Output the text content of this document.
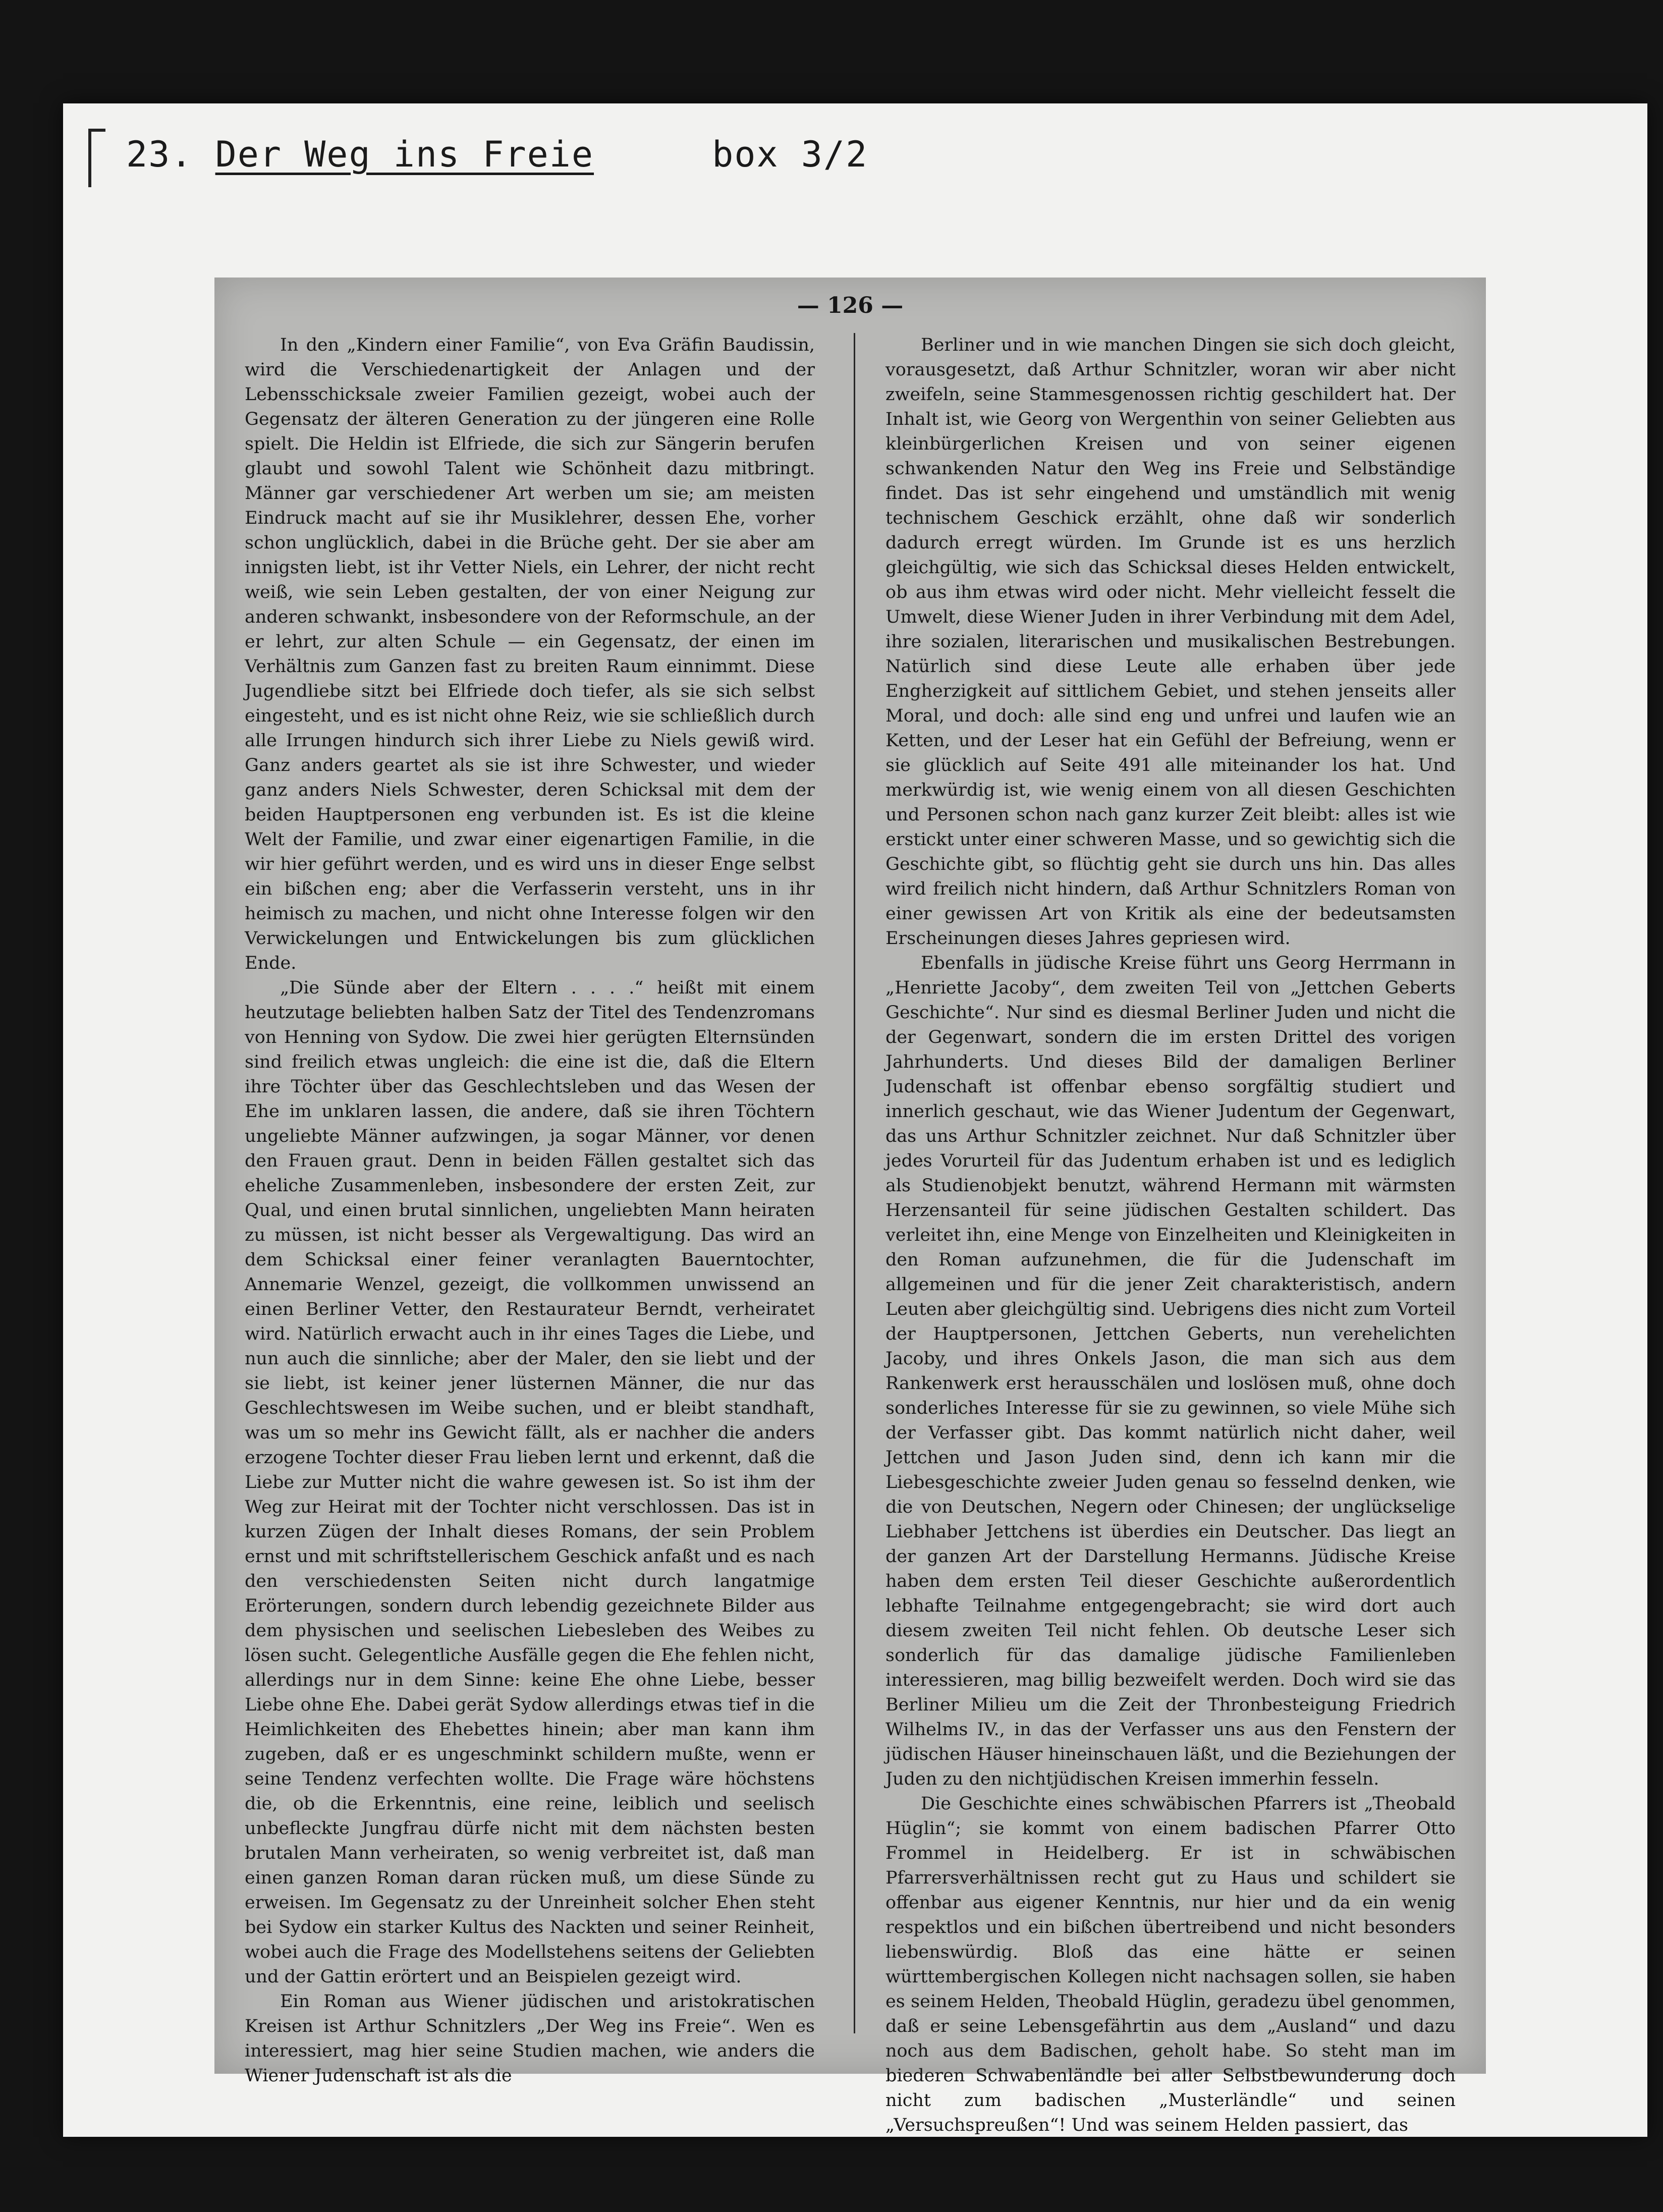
23. Der Weg ins Freie	box 3/2
— 126 —

In den „Kindern einer Familie“, von Eva Gräfin Baudissin, wird die Verschiedenartigkeit der Anlagen und der Lebensschicksale zweier Familien gezeigt, wobei auch der Gegensatz der älteren Generation zu der jüngeren eine Rolle spielt. Die Heldin ist Elfriede, die sich zur Sängerin berufen glaubt und sowohl Talent wie Schönheit dazu mitbringt. Männer gar verschiedener Art werben um sie; am meisten Eindruck macht auf sie ihr Musiklehrer, dessen Ehe, vorher schon unglücklich, dabei in die Brüche geht. Der sie aber am innigsten liebt, ist ihr Vetter Niels, ein Lehrer, der nicht recht weiß, wie sein Leben gestalten, der von einer Neigung zur anderen schwankt, insbesondere von der Reformschule, an der er lehrt, zur alten Schule — ein Gegensatz, der einen im Verhältnis zum Ganzen fast zu breiten Raum einnimmt. Diese Jugendliebe sitzt bei Elfriede doch tiefer, als sie sich selbst eingesteht, und es ist nicht ohne Reiz, wie sie schließlich durch alle Irrungen hindurch sich ihrer Liebe zu Niels gewiß wird. Ganz anders geartet als sie ist ihre Schwester, und wieder ganz anders Niels Schwester, deren Schicksal mit dem der beiden Hauptpersonen eng verbunden ist. Es ist die kleine Welt der Familie, und zwar einer eigenartigen Familie, in die wir hier geführt werden, und es wird uns in dieser Enge selbst ein bißchen eng; aber die Verfasserin versteht, uns in ihr heimisch zu machen, und nicht ohne Interesse folgen wir den Verwickelungen und Entwickelungen bis zum glücklichen Ende.

„Die Sünde aber der Eltern . . . .“ heißt mit einem heutzutage beliebten halben Satz der Titel des Tendenzromans von Henning von Sydow. Die zwei hier gerügten Elternsünden sind freilich etwas ungleich: die eine ist die, daß die Eltern ihre Töchter über das Geschlechtsleben und das Wesen der Ehe im unklaren lassen, die andere, daß sie ihren Töchtern ungeliebte Männer aufzwingen, ja sogar Männer, vor denen den Frauen graut. Denn in beiden Fällen gestaltet sich das eheliche Zusammenleben, insbesondere der ersten Zeit, zur Qual, und einen brutal sinnlichen, ungeliebten Mann heiraten zu müssen, ist nicht besser als Vergewaltigung. Das wird an dem Schicksal einer feiner veranlagten Bauerntochter, Annemarie Wenzel, gezeigt, die vollkommen unwissend an einen Berliner Vetter, den Restaurateur Berndt, verheiratet wird. Natürlich erwacht auch in ihr eines Tages die Liebe, und nun auch die sinnliche; aber der Maler, den sie liebt und der sie liebt, ist keiner jener lüsternen Männer, die nur das Geschlechtswesen im Weibe suchen, und er bleibt standhaft, was um so mehr ins Gewicht fällt, als er nachher die anders erzogene Tochter dieser Frau lieben lernt und erkennt, daß die Liebe zur Mutter nicht die wahre gewesen ist. So ist ihm der Weg zur Heirat mit der Tochter nicht verschlossen. Das ist in kurzen Zügen der Inhalt dieses Romans, der sein Problem ernst und mit schriftstellerischem Geschick anfaßt und es nach den verschiedensten Seiten nicht durch langatmige Erörterungen, sondern durch lebendig gezeichnete Bilder aus dem physischen und seelischen Liebesleben des Weibes zu lösen sucht. Gelegentliche Ausfälle gegen die Ehe fehlen nicht, allerdings nur in dem Sinne: keine Ehe ohne Liebe, besser Liebe ohne Ehe. Dabei gerät Sydow allerdings etwas tief in die Heimlichkeiten des Ehebettes hinein; aber man kann ihm zugeben, daß er es ungeschminkt schildern mußte, wenn er seine Tendenz verfechten wollte. Die Frage wäre höchstens die, ob die Erkenntnis, eine reine, leiblich und seelisch unbefleckte Jungfrau dürfe nicht mit dem nächsten besten brutalen Mann verheiraten, so wenig verbreitet ist, daß man einen ganzen Roman daran rücken muß, um diese Sünde zu erweisen. Im Gegensatz zu der Unreinheit solcher Ehen steht bei Sydow ein starker Kultus des Nackten und seiner Reinheit, wobei auch die Frage des Modellstehens seitens der Geliebten und der Gattin erörtert und an Beispielen gezeigt wird.

Ein Roman aus Wiener jüdischen und aristokratischen Kreisen ist Arthur Schnitzlers „Der Weg ins Freie“. Wen es interessiert, mag hier seine Studien machen, wie anders die Wiener Judenschaft ist als die

Berliner und in wie manchen Dingen sie sich doch gleicht, vorausgesetzt, daß Arthur Schnitzler, woran wir aber nicht zweifeln, seine Stammesgenossen richtig geschildert hat. Der Inhalt ist, wie Georg von Wergenthin von seiner Geliebten aus kleinbürgerlichen Kreisen und von seiner eigenen schwankenden Natur den Weg ins Freie und Selbständige findet. Das ist sehr eingehend und umständlich mit wenig technischem Geschick erzählt, ohne daß wir sonderlich dadurch erregt würden. Im Grunde ist es uns herzlich gleichgültig, wie sich das Schicksal dieses Helden entwickelt, ob aus ihm etwas wird oder nicht. Mehr vielleicht fesselt die Umwelt, diese Wiener Juden in ihrer Verbindung mit dem Adel, ihre sozialen, literarischen und musikalischen Bestrebungen. Natürlich sind diese Leute alle erhaben über jede Engherzigkeit auf sittlichem Gebiet, und stehen jenseits aller Moral, und doch: alle sind eng und unfrei und laufen wie an Ketten, und der Leser hat ein Gefühl der Befreiung, wenn er sie glücklich auf Seite 491 alle miteinander los hat. Und merkwürdig ist, wie wenig einem von all diesen Geschichten und Personen schon nach ganz kurzer Zeit bleibt: alles ist wie erstickt unter einer schweren Masse, und so gewichtig sich die Geschichte gibt, so flüchtig geht sie durch uns hin. Das alles wird freilich nicht hindern, daß Arthur Schnitzlers Roman von einer gewissen Art von Kritik als eine der bedeutsamsten Erscheinungen dieses Jahres gepriesen wird.

Ebenfalls in jüdische Kreise führt uns Georg Herrmann in „Henriette Jacoby“, dem zweiten Teil von „Jettchen Geberts Geschichte“. Nur sind es diesmal Berliner Juden und nicht die der Gegenwart, sondern die im ersten Drittel des vorigen Jahrhunderts. Und dieses Bild der damaligen Berliner Judenschaft ist offenbar ebenso sorgfältig studiert und innerlich geschaut, wie das Wiener Judentum der Gegenwart, das uns Arthur Schnitzler zeichnet. Nur daß Schnitzler über jedes Vorurteil für das Judentum erhaben ist und es lediglich als Studienobjekt benutzt, während Hermann mit wärmsten Herzensanteil für seine jüdischen Gestalten schildert. Das verleitet ihn, eine Menge von Einzelheiten und Kleinigkeiten in den Roman aufzunehmen, die für die Judenschaft im allgemeinen und für die jener Zeit charakteristisch, andern Leuten aber gleichgültig sind. Uebrigens dies nicht zum Vorteil der Hauptpersonen, Jettchen Geberts, nun verehelichten Jacoby, und ihres Onkels Jason, die man sich aus dem Rankenwerk erst herausschälen und loslösen muß, ohne doch sonderliches Interesse für sie zu gewinnen, so viele Mühe sich der Verfasser gibt. Das kommt natürlich nicht daher, weil Jettchen und Jason Juden sind, denn ich kann mir die Liebesgeschichte zweier Juden genau so fesselnd denken, wie die von Deutschen, Negern oder Chinesen; der unglückselige Liebhaber Jettchens ist überdies ein Deutscher. Das liegt an der ganzen Art der Darstellung Hermanns. Jüdische Kreise haben dem ersten Teil dieser Geschichte außerordentlich lebhafte Teilnahme entgegengebracht; sie wird dort auch diesem zweiten Teil nicht fehlen. Ob deutsche Leser sich sonderlich für das damalige jüdische Familienleben interessieren, mag billig bezweifelt werden. Doch wird sie das Berliner Milieu um die Zeit der Thronbesteigung Friedrich Wilhelms IV., in das der Verfasser uns aus den Fenstern der jüdischen Häuser hineinschauen läßt, und die Beziehungen der Juden zu den nichtjüdischen Kreisen immerhin fesseln.

Die Geschichte eines schwäbischen Pfarrers ist „Theobald Hüglin“; sie kommt von einem badischen Pfarrer Otto Frommel in Heidelberg. Er ist in schwäbischen Pfarrersverhältnissen recht gut zu Haus und schildert sie offenbar aus eigener Kenntnis, nur hier und da ein wenig respektlos und ein bißchen übertreibend und nicht besonders liebenswürdig. Bloß das eine hätte er seinen württembergischen Kollegen nicht nachsagen sollen, sie haben es seinem Helden, Theobald Hüglin, geradezu übel genommen, daß er seine Lebensgefährtin aus dem „Ausland“ und dazu noch aus dem Badischen, geholt habe. So steht man im biederen Schwabenländle bei aller Selbstbewunderung doch nicht zum badischen „Musterländle“ und seinen „Versuchspreußen“! Und was seinem Helden passiert, das
